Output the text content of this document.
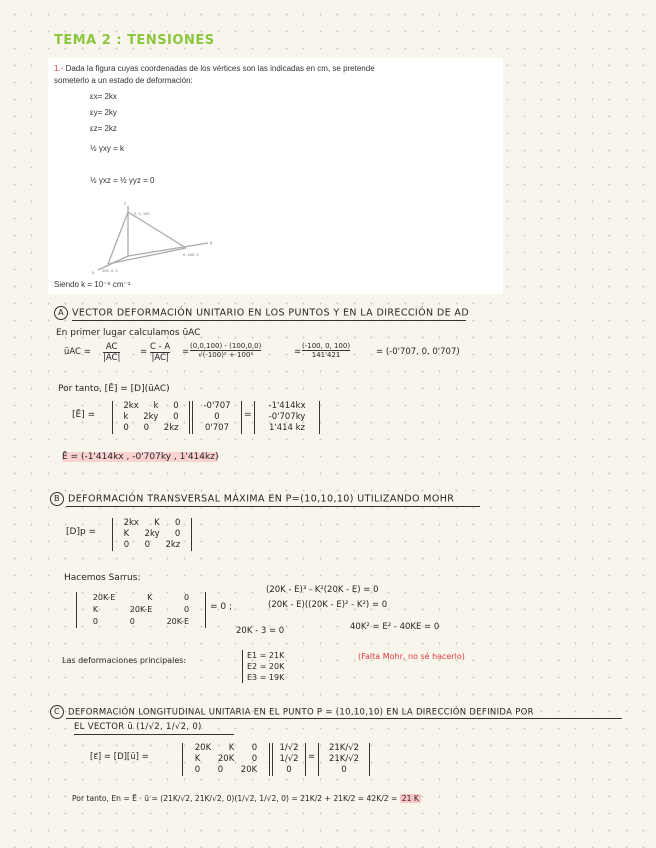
TEMA 2 : TENSIONES
1.- Dada la figura cuyas coordenadas de los vértices son las indicadas en cm, se pretende
someterlo a un estado de deformación:
εx= 2kx
εy= 2ky
εz= 2kz
½ γxy = k
½ γxz = ½ γyz = 0
z
0, 0, 100
y
x
0, 100, 0
100, 0, 0
Siendo k = 10⁻⁶ cm⁻¹
A VECTOR DEFORMACIÓN UNITARIO EN LOS PUNTOS Y EN LA DIRECCIÓN DE AD
En primer lugar calculamos ūAC
ūAC = $\frac{AC}{|AC|} = \frac{C - A}{|AC|} = \frac{(0,0,100) - (100,0,0)}{\text{√(-100)² + 100²}}$	= $\frac{(-100, 0, 100)}{141'421}$	= (-0'707, 0, 0'707)
Por tanto, [Ē] = [D](ūAC)
[Ē] =
2kx k 0
k 2ky 0
0 0 2kz
-0'707
0
0'707
=
-1'414kx
-0'707ky
1'414 kz
Ē = (-1'414kx , -0'707ky , 1'414kz)
B DEFORMACIÓN TRANSVERSAL MÁXIMA EN P=(10,10,10) UTILIZANDO MOHR
[D]p =
2kx K 0
K 2ky 0
0 0 2kz
Hacemos Sarrus:
20K-E	K	0
K	20K-E	0
0	0	20K-E
= 0 ;
(20K - E)³ - K²(20K - E) = 0
(20K - E)((20K - E)² - K²) = 0
20K - 3 = 0	40K² = E² - 40KE = 0
Las deformaciones principales:
E1 = 21K
E2 = 20K
E3 = 19K
(Falta Mohr, no sé hacerlo)
C DEFORMACIÓN LONGITUDINAL UNITARIA EN EL PUNTO P = (10,10,10) EN LA DIRECCIÓN DEFINIDA POR
EL VECTOR ū (1/√2, 1/√2, 0)
[ε⃗] = [D][ū] =
20K K 0
K 20K 0
0 0 20K
1/√2
1/√2
0
=
21K/√2
21K/√2
0
Por tanto, En = Ē · ū = (21K/√2, 21K/√2, 0)(1/√2, 1/√2, 0) = 21K/2 + 21K/2 = 42K/2 = 21 K
